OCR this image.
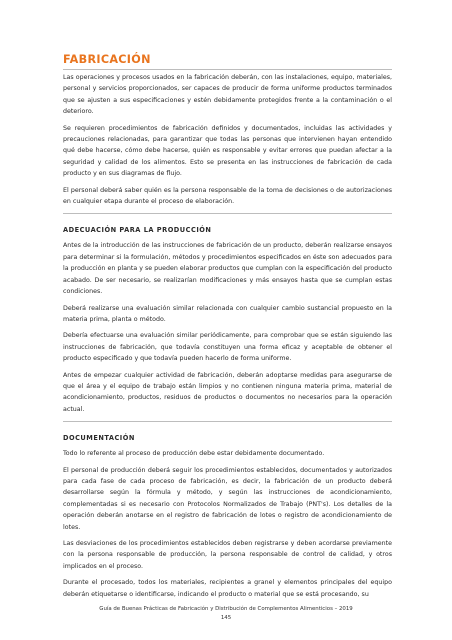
FABRICACIÓN

Las operaciones y procesos usados en la fabricación deberán, con las instalaciones, equipo, materiales, personal y servicios proporcionados, ser capaces de producir de forma uniforme productos terminados que se ajusten a sus especificaciones y estén debidamente protegidos frente a la contaminación o el deterioro.

Se requieren procedimientos de fabricación definidos y documentados, incluidas las actividades y precauciones relacionadas, para garantizar que todas las personas que intervienen hayan entendido qué debe hacerse, cómo debe hacerse, quién es responsable y evitar errores que puedan afectar a la seguridad y calidad de los alimentos. Esto se presenta en las instrucciones de fabricación de cada producto y en sus diagramas de flujo.

El personal deberá saber quién es la persona responsable de la toma de decisiones o de autorizaciones en cualquier etapa durante el proceso de elaboración.

ADECUACIÓN PARA LA PRODUCCIÓN

Antes de la introducción de las instrucciones de fabricación de un producto, deberán realizarse ensayos para determinar si la formulación, métodos y procedimientos especificados en éste son adecuados para la producción en planta y se pueden elaborar productos que cumplan con la especificación del producto acabado. De ser necesario, se realizarían modificaciones y más ensayos hasta que se cumplan estas condiciones.

Deberá realizarse una evaluación similar relacionada con cualquier cambio sustancial propuesto en la materia prima, planta o método.

Debería efectuarse una evaluación similar periódicamente, para comprobar que se están siguiendo las instrucciones de fabricación, que todavía constituyen una forma eficaz y aceptable de obtener el producto especificado y que todavía pueden hacerlo de forma uniforme.

Antes de empezar cualquier actividad de fabricación, deberán adoptarse medidas para asegurarse de que el área y el equipo de trabajo están limpios y no contienen ninguna materia prima, material de acondicionamiento, productos, residuos de productos o documentos no necesarios para la operación actual.

DOCUMENTACIÓN

Todo lo referente al proceso de producción debe estar debidamente documentado.

El personal de producción deberá seguir los procedimientos establecidos, documentados y autorizados para cada fase de cada proceso de fabricación, es decir, la fabricación de un producto deberá desarrollarse según la fórmula y método, y según las instrucciones de acondicionamiento, complementadas si es necesario con Protocolos Normalizados de Trabajo (PNT's). Los detalles de la operación deberán anotarse en el registro de fabricación de lotes o registro de acondicionamiento de lotes.

Las desviaciones de los procedimientos establecidos deben registrarse y deben acordarse previamente con la persona responsable de producción, la persona responsable de control de calidad, y otros implicados en el proceso.

Durante el procesado, todos los materiales, recipientes a granel y elementos principales del equipo deberán etiquetarse o identificarse, indicando el producto o material que se está procesando, su

Guía de Buenas Prácticas de Fabricación y Distribución de Complementos Alimenticios – 2019
145
